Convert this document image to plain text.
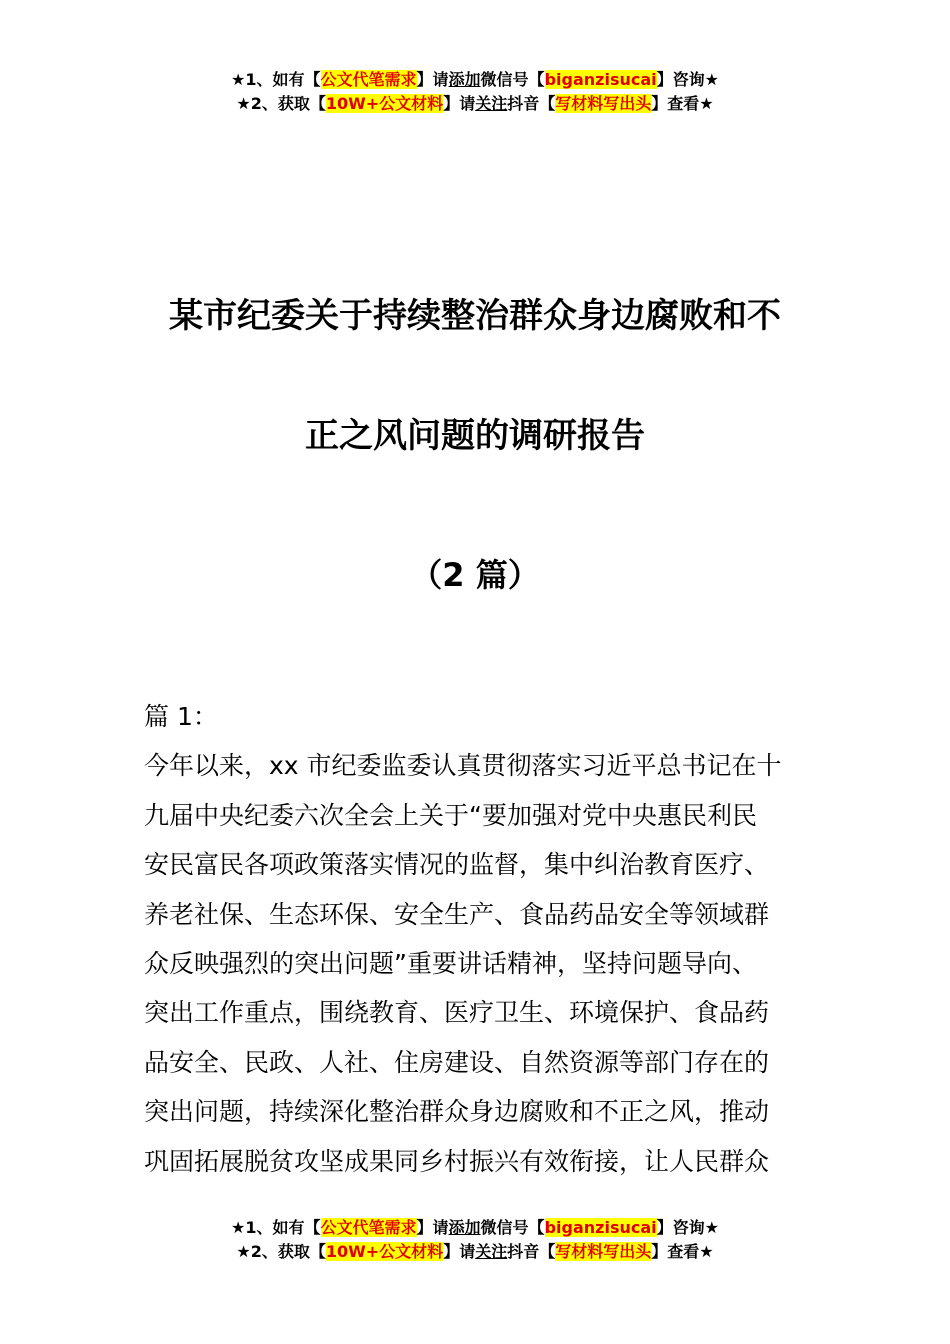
★1、如有【公文代笔需求】请添加微信号【biganzisucai】咨询★
★2、获取【10W+公文材料】请关注抖音【写材料写出头】查看★
某市纪委关于持续整治群众身边腐败和不
正之风问题的调研报告
（2 篇）
篇 1：
今年以来，xx 市纪委监委认真贯彻落实习近平总书记在十
九届中央纪委六次全会上关于“要加强对党中央惠民利民
安民富民各项政策落实情况的监督，集中纠治教育医疗、
养老社保、生态环保、安全生产、食品药品安全等领域群
众反映强烈的突出问题”重要讲话精神，坚持问题导向、
突出工作重点，围绕教育、医疗卫生、环境保护、食品药
品安全、民政、人社、住房建设、自然资源等部门存在的
突出问题，持续深化整治群众身边腐败和不正之风，推动
巩固拓展脱贫攻坚成果同乡村振兴有效衔接，让人民群众
★1、如有【公文代笔需求】请添加微信号【biganzisucai】咨询★
★2、获取【10W+公文材料】请关注抖音【写材料写出头】查看★
